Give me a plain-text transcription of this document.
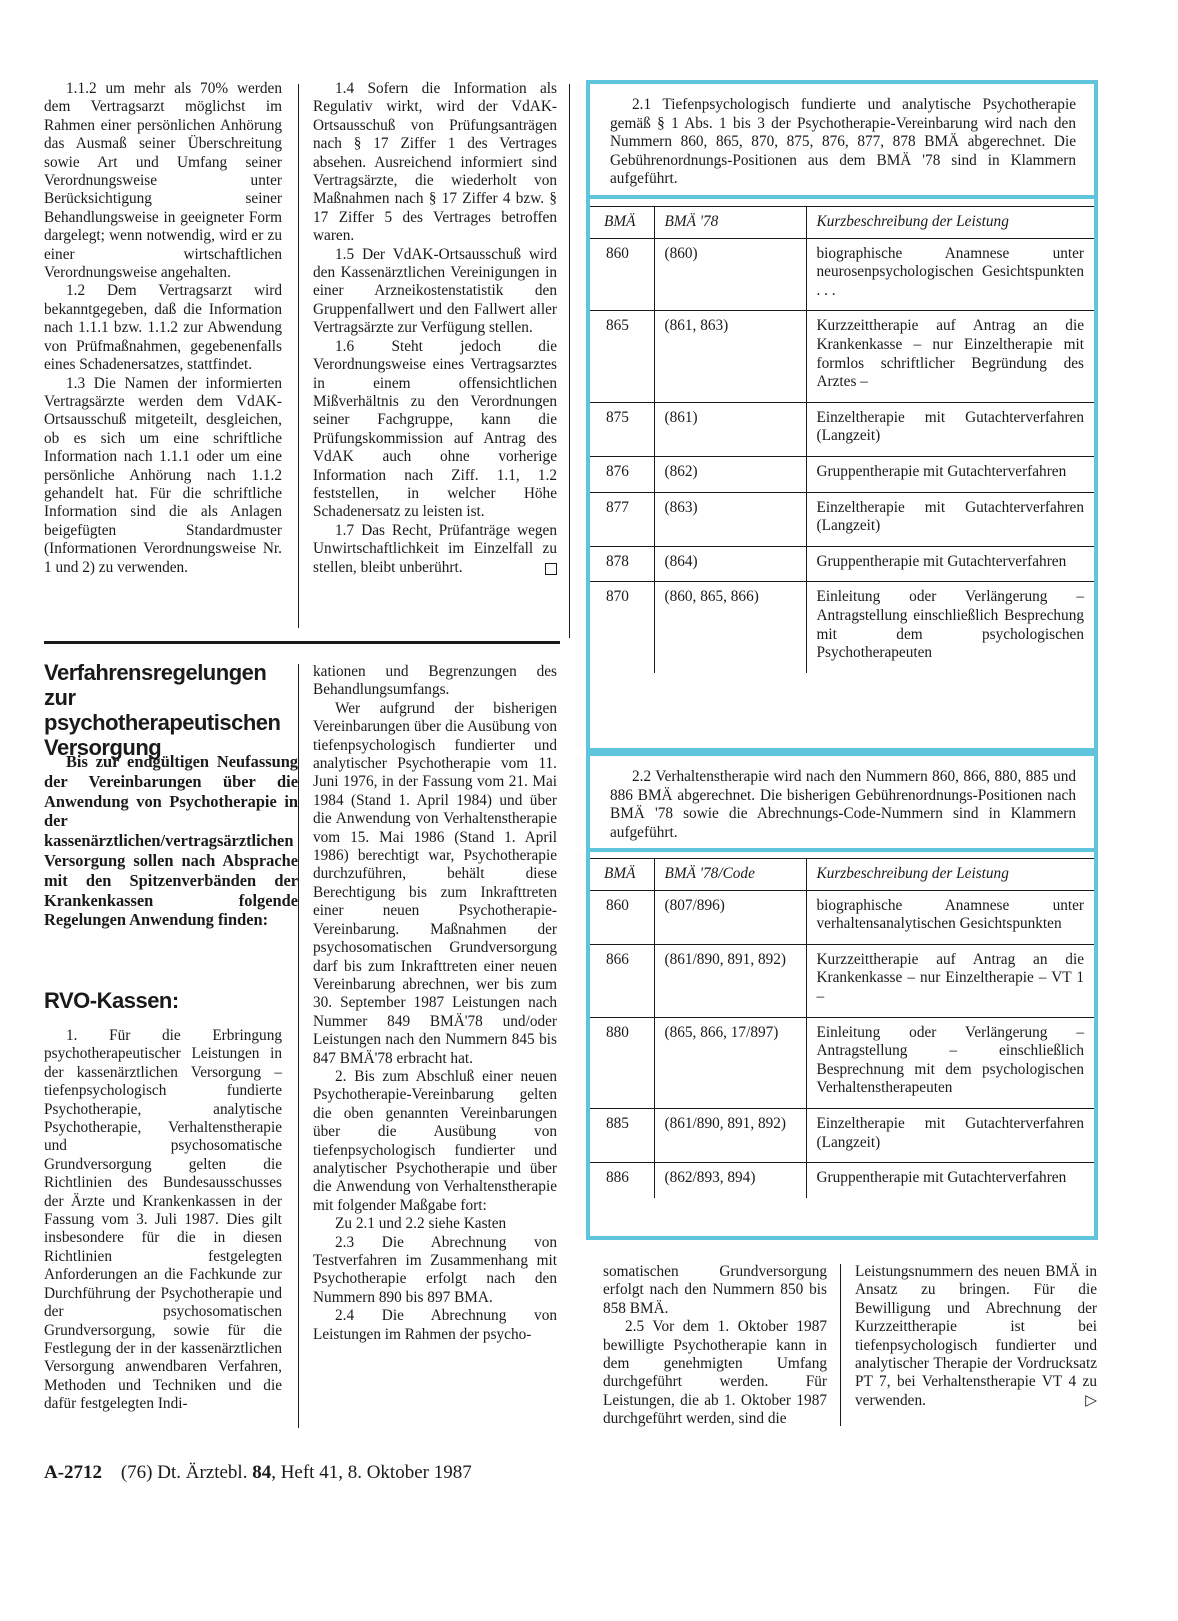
1.1.2 um mehr als 70% werden dem Vertragsarzt möglichst im Rahmen einer persönlichen Anhörung das Ausmaß seiner Überschreitung sowie Art und Umfang seiner Verordnungsweise unter Berücksichtigung seiner Behandlungsweise in geeigneter Form dargelegt; wenn notwendig, wird er zu einer wirtschaftlichen Verordnungsweise angehalten.

1.2 Dem Vertragsarzt wird bekanntgegeben, daß die Information nach 1.1.1 bzw. 1.1.2 zur Abwendung von Prüfmaßnahmen, gegebenenfalls eines Schadenersatzes, stattfindet.

1.3 Die Namen der informierten Vertragsärzte werden dem VdAK-Ortsausschuß mitgeteilt, desgleichen, ob es sich um eine schriftliche Information nach 1.1.1 oder um eine persönliche Anhörung nach 1.1.2 gehandelt hat. Für die schriftliche Information sind die als Anlagen beigefügten Standardmuster (Informationen Verordnungsweise Nr. 1 und 2) zu verwenden.

1.4 Sofern die Information als Regulativ wirkt, wird der VdAK-Ortsausschuß von Prüfungsanträgen nach § 17 Ziffer 1 des Vertrages absehen. Ausreichend informiert sind Vertragsärzte, die wiederholt von Maßnahmen nach § 17 Ziffer 4 bzw. § 17 Ziffer 5 des Vertrages betroffen waren.

1.5 Der VdAK-Ortsausschuß wird den Kassenärztlichen Vereinigungen in einer Arzneikostenstatistik den Gruppenfallwert und den Fallwert aller Vertragsärzte zur Verfügung stellen.

1.6 Steht jedoch die Verordnungsweise eines Vertragsarztes in einem offensichtlichen Mißverhältnis zu den Verordnungen seiner Fachgruppe, kann die Prüfungskommission auf Antrag des VdAK auch ohne vorherige Information nach Ziff. 1.1, 1.2 feststellen, in welcher Höhe Schadenersatz zu leisten ist.

1.7 Das Recht, Prüfanträge wegen Unwirtschaftlichkeit im Einzelfall zu stellen, bleibt unberührt.

Verfahrensregelungen zur psychotherapeutischen Versorgung

Bis zur endgültigen Neufassung der Vereinbarungen über die Anwendung von Psychotherapie in der kassenärztlichen/vertragsärztlichen Versorgung sollen nach Absprache mit den Spitzenverbänden der Krankenkassen folgende Regelungen Anwendung finden:

RVO-Kassen:

1. Für die Erbringung psychotherapeutischer Leistungen in der kassenärztlichen Versorgung – tiefenpsychologisch fundierte Psychotherapie, analytische Psychotherapie, Verhaltenstherapie und psychosomatische Grundversorgung gelten die Richtlinien des Bundesausschusses der Ärzte und Krankenkassen in der Fassung vom 3. Juli 1987. Dies gilt insbesondere für die in diesen Richtlinien festgelegten Anforderungen an die Fachkunde zur Durchführung der Psychotherapie und der psychosomatischen Grundversorgung, sowie für die Festlegung der in der kassenärztlichen Versorgung anwendbaren Verfahren, Methoden und Techniken und die dafür festgelegten Indi-

kationen und Begrenzungen des Behandlungsumfangs.

Wer aufgrund der bisherigen Vereinbarungen über die Ausübung von tiefenpsychologisch fundierter und analytischer Psychotherapie vom 11. Juni 1976, in der Fassung vom 21. Mai 1984 (Stand 1. April 1984) und über die Anwendung von Verhaltenstherapie vom 15. Mai 1986 (Stand 1. April 1986) berechtigt war, Psychotherapie durchzuführen, behält diese Berechtigung bis zum Inkrafttreten einer neuen Psychotherapie-Vereinbarung. Maßnahmen der psychosomatischen Grundversorgung darf bis zum Inkrafttreten einer neuen Vereinbarung abrechnen, wer bis zum 30. September 1987 Leistungen nach Nummer 849 BMÄ'78 und/oder Leistungen nach den Nummern 845 bis 847 BMÄ'78 erbracht hat.

2. Bis zum Abschluß einer neuen Psychotherapie-Vereinbarung gelten die oben genannten Vereinbarungen über die Ausübung von tiefenpsychologisch fundierter und analytischer Psychotherapie und über die Anwendung von Verhaltenstherapie mit folgender Maßgabe fort:

Zu 2.1 und 2.2 siehe Kasten

2.3 Die Abrechnung von Testverfahren im Zusammenhang mit Psychotherapie erfolgt nach den Nummern 890 bis 897 BMA.

2.4 Die Abrechnung von Leistungen im Rahmen der psycho-

2.1 Tiefenpsychologisch fundierte und analytische Psychotherapie gemäß § 1 Abs. 1 bis 3 der Psychotherapie-Vereinbarung wird nach den Nummern 860, 865, 870, 875, 876, 877, 878 BMÄ abgerechnet. Die Gebührenordnungs-Positionen aus dem BMÄ '78 sind in Klammern aufgeführt.

BMÄ	BMÄ '78	Kurzbeschreibung der Leistung
860	(860)	biographische Anamnese unter neurosenpsychologischen Gesichtspunkten . . .
865	(861, 863)	Kurzzeittherapie auf Antrag an die Krankenkasse – nur Einzeltherapie mit formlos schriftlicher Begründung des Arztes –
875	(861)	Einzeltherapie mit Gutachterverfahren (Langzeit)
876	(862)	Gruppentherapie mit Gutachterverfahren
877	(863)	Einzeltherapie mit Gutachterverfahren (Langzeit)
878	(864)	Gruppentherapie mit Gutachterverfahren
870	(860, 865, 866)	Einleitung oder Verlängerung – Antragstellung einschließlich Besprechung mit dem psychologischen Psychotherapeuten

2.2 Verhaltenstherapie wird nach den Nummern 860, 866, 880, 885 und 886 BMÄ abgerechnet. Die bisherigen Gebührenordnungs-Positionen nach BMÄ '78 sowie die Abrechnungs-Code-Nummern sind in Klammern aufgeführt.

BMÄ	BMÄ '78/Code	Kurzbeschreibung der Leistung
860	(807/896)	biographische Anamnese unter verhaltensanalytischen Gesichtspunkten
866	(861/890, 891, 892)	Kurzzeittherapie auf Antrag an die Krankenkasse – nur Einzeltherapie – VT 1 –
880	(865, 866, 17/897)	Einleitung oder Verlängerung – Antragstellung – einschließlich Besprechnung mit dem psychologischen Verhaltenstherapeuten
885	(861/890, 891, 892)	Einzeltherapie mit Gutachterverfahren (Langzeit)
886	(862/893, 894)	Gruppentherapie mit Gutachterverfahren

somatischen Grundversorgung erfolgt nach den Nummern 850 bis 858 BMÄ.

2.5 Vor dem 1. Oktober 1987 bewilligte Psychotherapie kann in dem genehmigten Umfang durchgeführt werden. Für Leistungen, die ab 1. Oktober 1987 durchgeführt werden, sind die

Leistungsnummern des neuen BMÄ in Ansatz zu bringen. Für die Bewilligung und Abrechnung der Kurzzeittherapie ist bei tiefenpsychologisch fundierter und analytischer Therapie der Vordrucksatz PT 7, bei Verhaltenstherapie VT 4 zu verwenden.	▷

A-2712 (76) Dt. Ärztebl. 84, Heft 41, 8. Oktober 1987
